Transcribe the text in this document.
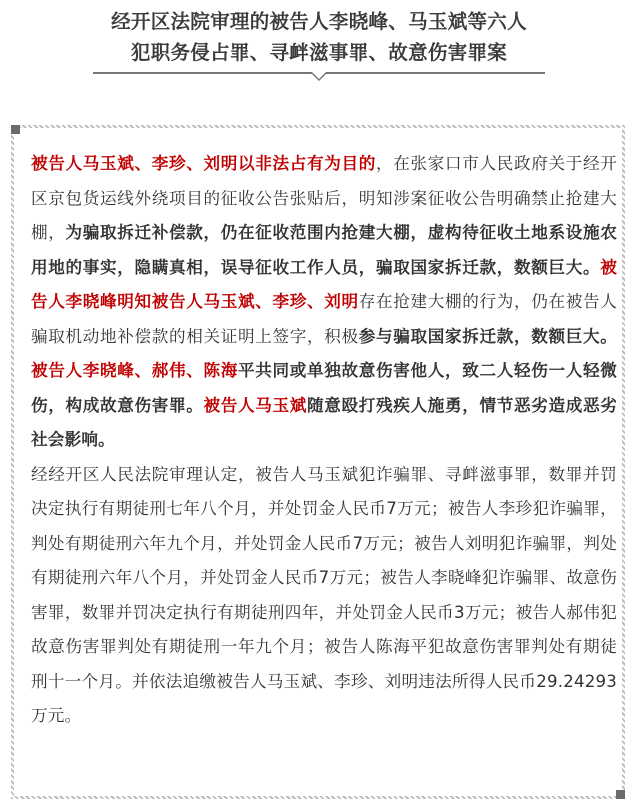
经开区法院审理的被告人李晓峰、马玉斌等六人
犯职务侵占罪、寻衅滋事罪、故意伤害罪案

被告人马玉斌、李珍、刘明以非法占有为目的，在张家口市人民政府关于经开区京包货运线外绕项目的征收公告张贴后，明知涉案征收公告明确禁止抢建大棚，为骗取拆迁补偿款，仍在征收范围内抢建大棚，虚构待征收土地系设施农用地的事实，隐瞒真相，误导征收工作人员，骗取国家拆迁款，数额巨大。被告人李晓峰明知被告人马玉斌、李珍、刘明存在抢建大棚的行为，仍在被告人骗取机动地补偿款的相关证明上签字，积极参与骗取国家拆迁款，数额巨大。被告人李晓峰、郝伟、陈海平共同或单独故意伤害他人，致二人轻伤一人轻微伤，构成故意伤害罪。被告人马玉斌随意殴打残疾人施勇，情节恶劣造成恶劣社会影响。

经经开区人民法院审理认定，被告人马玉斌犯诈骗罪、寻衅滋事罪，数罪并罚决定执行有期徒刑七年八个月，并处罚金人民币7万元；被告人李珍犯诈骗罪，判处有期徒刑六年九个月，并处罚金人民币7万元；被告人刘明犯诈骗罪，判处有期徒刑六年八个月，并处罚金人民币7万元；被告人李晓峰犯诈骗罪、故意伤害罪，数罪并罚决定执行有期徒刑四年，并处罚金人民币3万元；被告人郝伟犯故意伤害罪判处有期徒刑一年九个月；被告人陈海平犯故意伤害罪判处有期徒刑十一个月。并依法追缴被告人马玉斌、李珍、刘明违法所得人民币29.24293万元。
